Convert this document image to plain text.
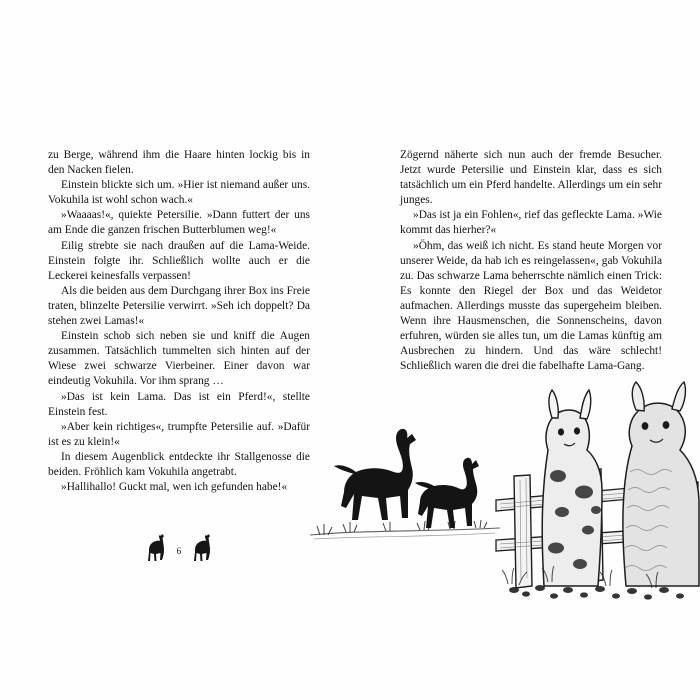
zu Berge, während ihm die Haare hinten lockig bis in den Nacken fielen.

Einstein blickte sich um. »Hier ist niemand außer uns. Vokuhila ist wohl schon wach.«

»Waaaas!«, quiekte Petersilie. »Dann futtert der uns am Ende die ganzen frischen Butterblumen weg!«

Eilig strebte sie nach draußen auf die Lama-Weide. Einstein folgte ihr. Schließlich wollte auch er die Leckerei keinesfalls verpassen!

Als die beiden aus dem Durchgang ihrer Box ins Freie traten, blinzelte Petersilie verwirrt. »Seh ich doppelt? Da stehen zwei Lamas!«

Einstein schob sich neben sie und kniff die Augen zusammen. Tatsächlich tummelten sich hinten auf der Wiese zwei schwarze Vierbeiner. Einer davon war eindeutig Vokuhila. Vor ihm sprang …

»Das ist kein Lama. Das ist ein Pferd!«, stellte Einstein fest.

»Aber kein richtiges«, trumpfte Petersilie auf. »Dafür ist es zu klein!«

In diesem Augenblick entdeckte ihr Stallgenosse die beiden. Fröhlich kam Vokuhila angetrabt.

»Hallihallo! Guckt mal, wen ich gefunden habe!«

Zögernd näherte sich nun auch der fremde Besucher. Jetzt wurde Petersilie und Einstein klar, dass es sich tatsächlich um ein Pferd handelte. Allerdings um ein sehr junges.

»Das ist ja ein Fohlen«, rief das gefleckte Lama. »Wie kommt das hierher?«

»Öhm, das weiß ich nicht. Es stand heute Morgen vor unserer Weide, da hab ich es reingelassen«, gab Vokuhila zu. Das schwarze Lama beherrschte nämlich einen Trick: Es konnte den Riegel der Box und das Weidetor aufmachen. Allerdings musste das supergeheim bleiben. Wenn ihre Hausmenschen, die Sonnenscheins, davon erfuhren, würden sie alles tun, um die Lamas künftig am Ausbrechen zu hindern. Und das wäre schlecht! Schließlich waren die drei die fabelhafte Lama-Gang.

6
